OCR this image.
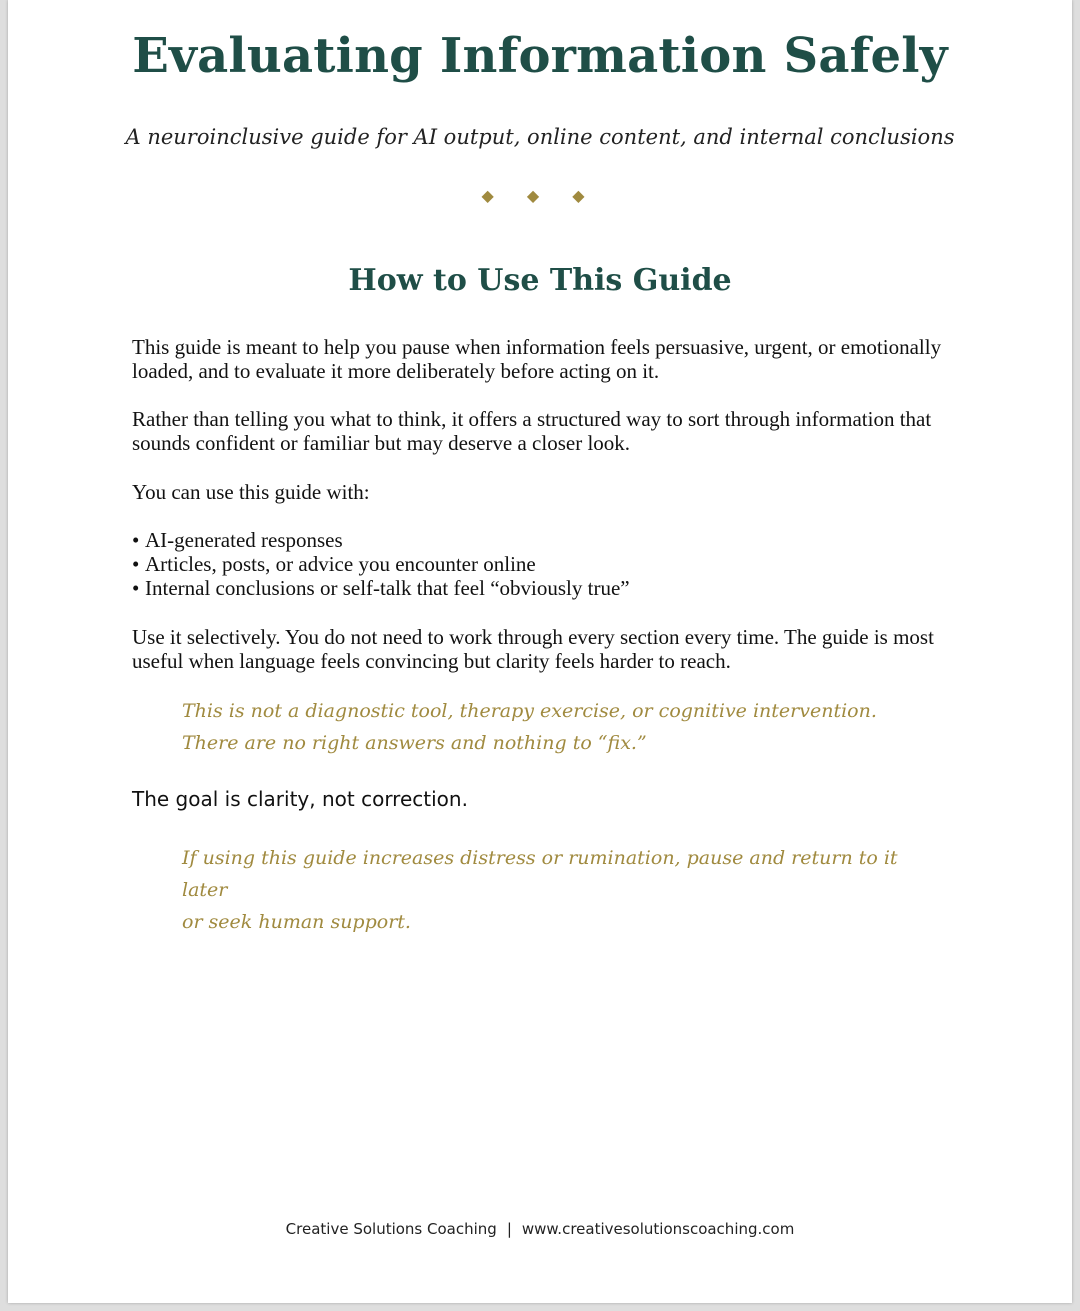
Evaluating Information Safely

A neuroinclusive guide for AI output, online content, and internal conclusions

◆ ◆ ◆
How to Use This Guide

This guide is meant to help you pause when information feels persuasive, urgent, or emotionally loaded, and to evaluate it more deliberately before acting on it.

Rather than telling you what to think, it offers a structured way to sort through information that sounds confident or familiar but may deserve a closer look.

You can use this guide with:

• AI-generated responses
• Articles, posts, or advice you encounter online
• Internal conclusions or self-talk that feel “obviously true”

Use it selectively. You do not need to work through every section every time. The guide is most useful when language feels convincing but clarity feels harder to reach.

This is not a diagnostic tool, therapy exercise, or cognitive intervention.
There are no right answers and nothing to “fix.”

The goal is clarity, not correction.

If using this guide increases distress or rumination, pause and return to it later
or seek human support.

Creative Solutions Coaching | www.creativesolutionscoaching.com
